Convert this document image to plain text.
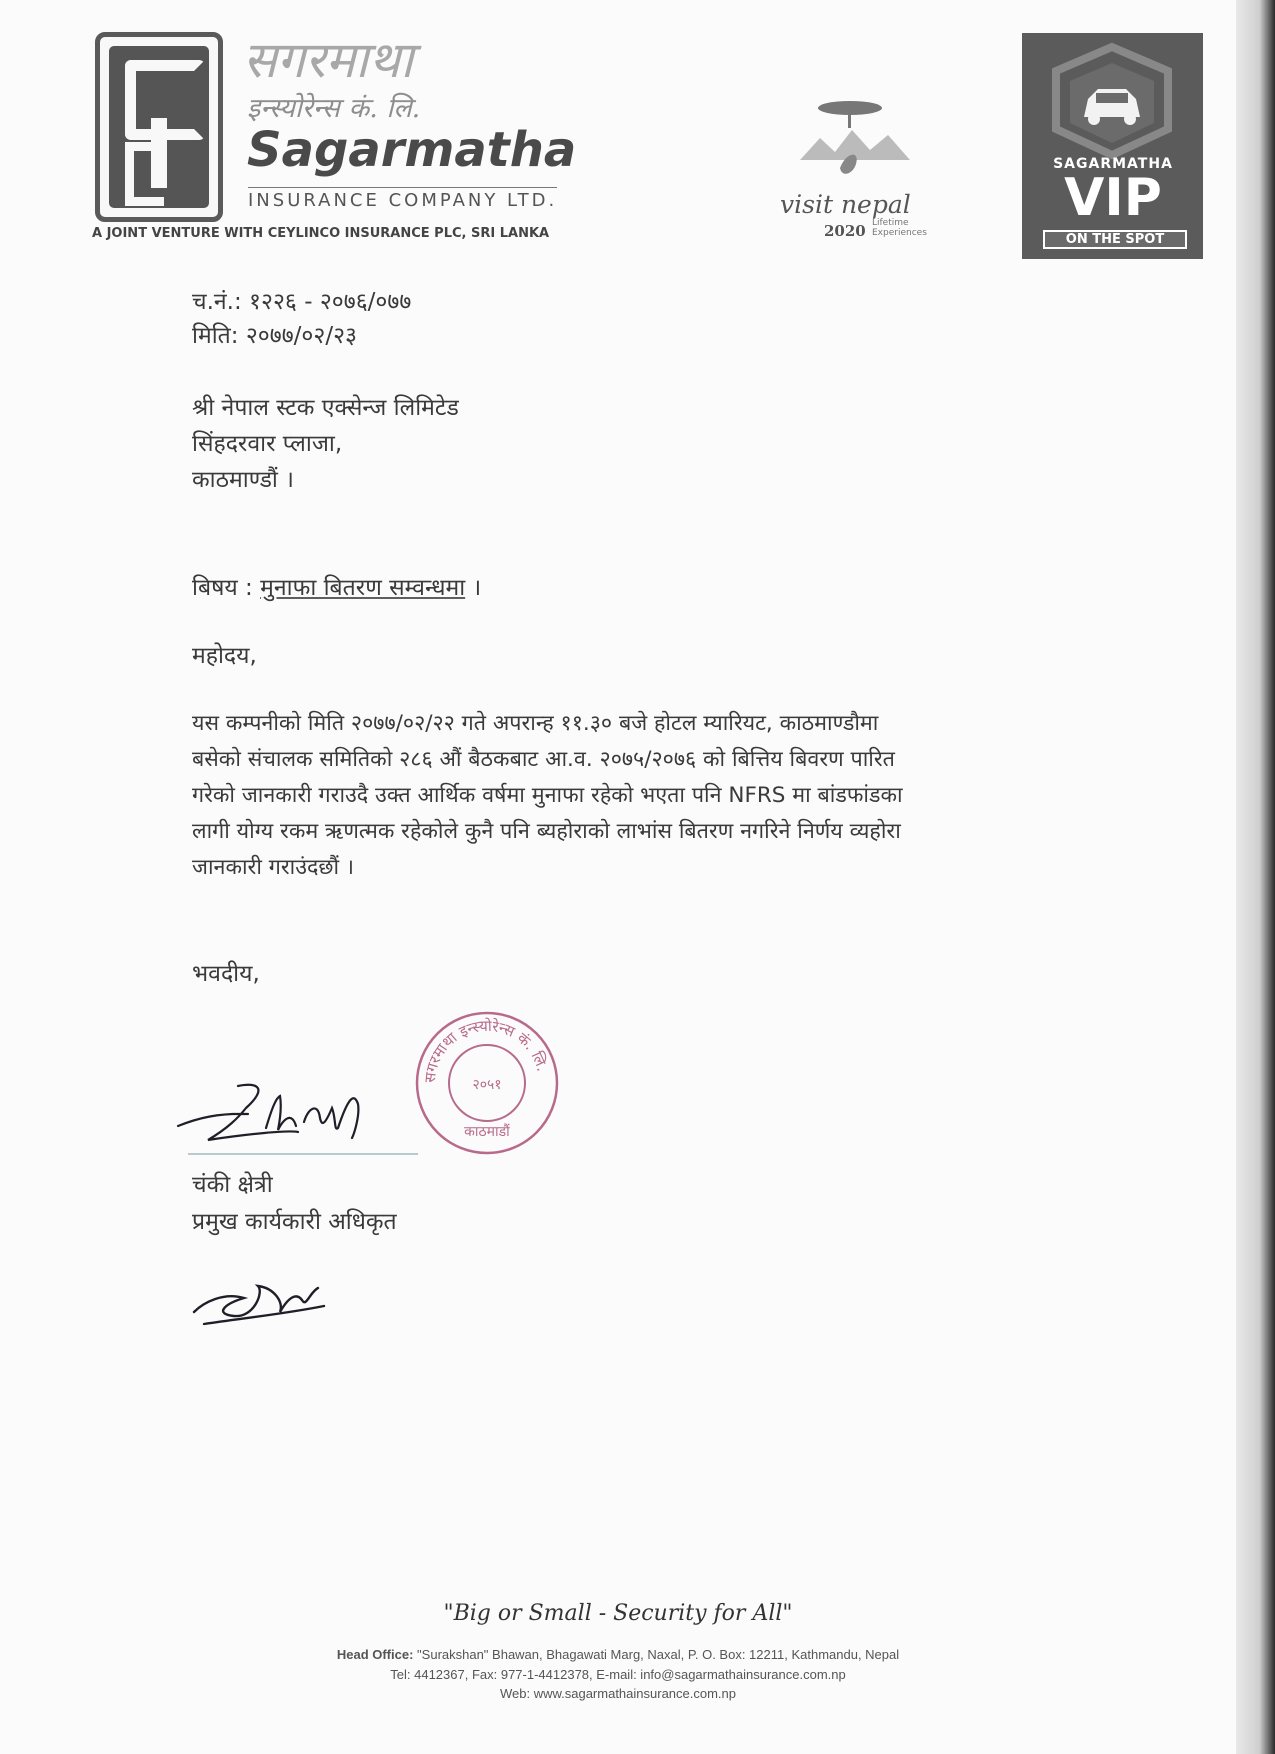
सगरमाथा
इन्स्योरेन्स कं. लि.
Sagarmatha
INSURANCE COMPANY LTD.
A JOINT VENTURE WITH CEYLINCO INSURANCE PLC, SRI LANKA
visit nepal
2020 Lifetime Experiences
SAGARMATHA
VIP
ON THE SPOT
च.नं.: १२२६ - २०७६/०७७
मिति: २०७७/०२/२३
श्री नेपाल स्टक एक्सेन्ज लिमिटेड
सिंहदरवार प्लाजा,
काठमाण्डौं ।
बिषय : मुनाफा बितरण सम्वन्धमा ।
महोदय,
यस कम्पनीको मिति २०७७/०२/२२ गते अपरान्ह ११.३० बजे होटल म्यारियट, काठमाण्डौमा
बसेको संचालक समितिको २८६ औं बैठकबाट आ.व. २०७५/२०७६ को बित्तिय बिवरण पारित
गरेको जानकारी गराउदै उक्त आर्थिक वर्षमा मुनाफा रहेको भएता पनि NFRS मा बांडफांडका
लागी योग्य रकम ऋणत्मक रहेकोले कुनै पनि ब्यहोराको लाभांस बितरण नगरिने निर्णय व्यहोरा
जानकारी गराउंदछौं ।
भवदीय,
सगरमाथा इन्स्योरेन्स कं. लि.
२०५१
काठमाडौं
चंकी क्षेत्री
प्रमुख कार्यकारी अधिकृत
"Big or Small - Security for All"
Head Office: "Surakshan" Bhawan, Bhagawati Marg, Naxal, P. O. Box: 12211, Kathmandu, Nepal
Tel: 4412367, Fax: 977-1-4412378, E-mail: info@sagarmathainsurance.com.np
Web: www.sagarmathainsurance.com.np
